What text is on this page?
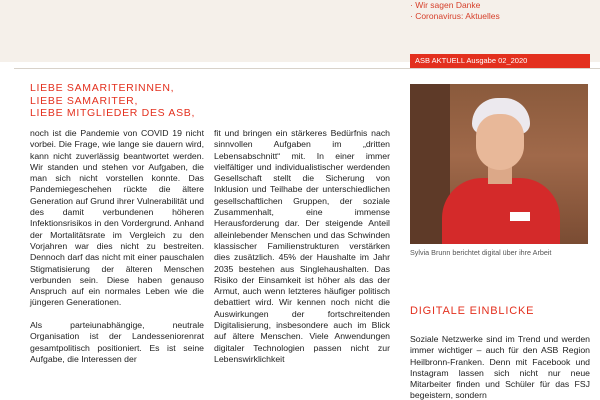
· Wir sagen Danke
· Coronavirus: Aktuelles
ASB AKTUELL Ausgabe 02_2020
LIEBE SAMARITERINNEN,
LIEBE SAMARITER,
LIEBE MITGLIEDER DES ASB,

noch ist die Pandemie von COVID 19 nicht vorbei. Die Frage, wie lange sie dauern wird, kann nicht zuverlässig beantwortet werden. Wir standen und stehen vor Aufgaben, die man sich nicht vorstellen konnte. Das Pandemiegeschehen rückte die ältere Generation auf Grund ihrer Vulnerabilität und des damit verbundenen höheren Infektionsrisikos in den Vordergrund. Anhand der Mortalitätsrate im Vergleich zu den Vorjahren war dies nicht zu bestreiten. Dennoch darf das nicht mit einer pauschalen Stigmatisierung der älteren Menschen verbunden sein. Diese haben genauso Anspruch auf ein normales Leben wie die jüngeren Generationen.

Als parteiunabhängige, neutrale Organisation ist der Landesseniorenrat gesamtpolitisch positioniert. Es ist seine Aufgabe, die Interessen der

fit und bringen ein stärkeres Bedürfnis nach sinnvollen Aufgaben im „dritten Lebensabschnitt“ mit. In einer immer vielfältiger und individualistischer werdenden Gesellschaft stellt die Sicherung von Inklusion und Teilhabe der unterschiedlichen gesellschaftlichen Gruppen, der soziale Zusammenhalt, eine immense Herausforderung dar. Der steigende Anteil alleinlebender Menschen und das Schwinden klassischer Familienstrukturen verstärken dies zusätzlich. 45% der Haushalte im Jahr 2035 bestehen aus Singlehaushalten. Das Risiko der Einsamkeit ist höher als das der Armut, auch wenn letzteres häufiger politisch debattiert wird. Wir kennen noch nicht die Auswirkungen der fortschreitenden Digitalisierung, insbesondere auch im Blick auf ältere Menschen. Viele Anwendungen digitaler Technologien passen nicht zur Lebenswirklichkeit

Sylvia Brunn berichtet digital über ihre Arbeit
DIGITALE EINBLICKE

Soziale Netzwerke sind im Trend und werden immer wichtiger – auch für den ASB Region Heilbronn-Franken. Denn mit Facebook und Instagram lassen sich nicht nur neue Mitarbeiter finden und Schüler für das FSJ begeistern, sondern
